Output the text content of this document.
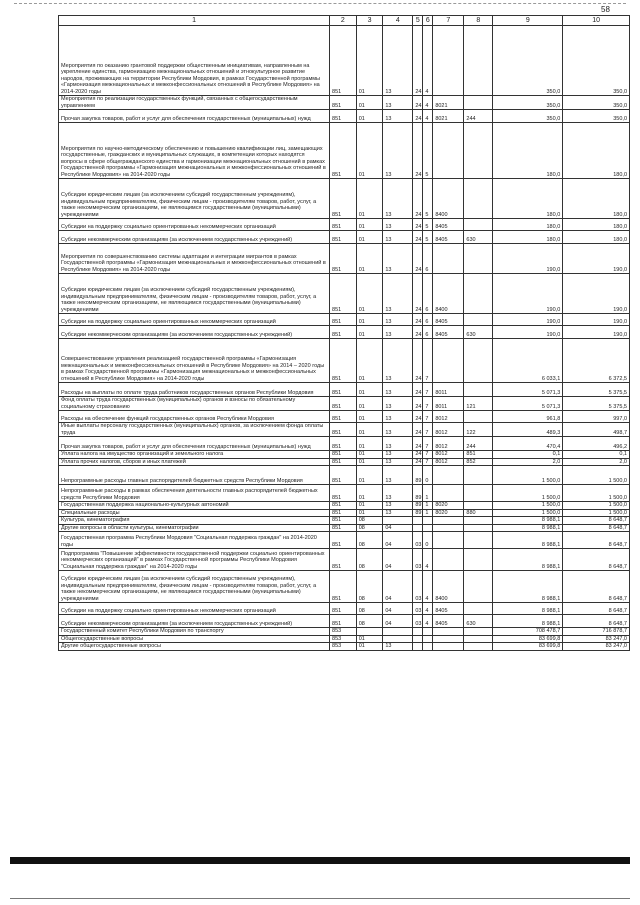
58
1	2	3	4	5	6	7	8	9	10
Мероприятия по оказанию грантовой поддержки общественным инициативам, направленным на укрепление единства, гармонизацию межнациональных отношений и этнокультурное развитие народов, проживающих на территории Республики Мордовия, в рамках Государственной программы «Гармонизация межнациональных и межконфессиональных отношений в Республике Мордовия» на 2014-2020 годы	851	01	13	24	4			350,0	350,0
Мероприятия по реализации государственных функций, связанных с общегосударственным управлением	851	01	13	24	4	8021		350,0	350,0
Прочая закупка товаров, работ и услуг для обеспечения государственных (муниципальных) нужд	851	01	13	24	4	8021	244	350,0	350,0
Мероприятия по научно-методическому обеспечению и повышению квалификации лиц, замещающих государственные, гражданских и муниципальных служащих, в компетенции которых находятся вопросы в сфере общегражданского единства и гармонизации межнациональных отношений в рамках Государственной программы «Гармонизация межнациональных и межконфессиональных отношений в Республике Мордовия» на 2014-2020 годы	851	01	13	24	5			180,0	180,0
Субсидии юридическим лицам (за исключением субсидий государственным учреждениям), индивидуальным предпринимателям, физическим лицам - производителям товаров, работ, услуг, а также некоммерческим организациям, не являющимся государственными (муниципальными) учреждениями	851	01	13	24	5	8400		180,0	180,0
Субсидии на поддержку социально ориентированных некоммерческих организаций	851	01	13	24	5	8405		180,0	180,0
Субсидии некоммерческим организациям (за исключением государственных учреждений)	851	01	13	24	5	8405	630	180,0	180,0
Мероприятия по совершенствованию системы адаптации и интеграции мигрантов в рамках Государственной программы «Гармонизация межнациональных и межконфессиональных отношений в Республике Мордовия» на 2014-2020 годы	851	01	13	24	6			190,0	190,0
Субсидии юридическим лицам (за исключением субсидий государственным учреждениям), индивидуальным предпринимателям, физическим лицам - производителям товаров, работ, услуг, а также некоммерческим организациям, не являющимся государственными (муниципальными) учреждениями	851	01	13	24	6	8400		190,0	190,0
Субсидии на поддержку социально ориентированных некоммерческих организаций	851	01	13	24	6	8405		190,0	190,0
Субсидии некоммерческим организациям (за исключением государственных учреждений)	851	01	13	24	6	8405	630	190,0	190,0
Совершенствование управления реализацией государственной программы «Гармонизация межнациональных и межконфессиональных отношений в Республике Мордовия» на 2014 – 2020 годы в рамках Государственной программы «Гармонизация межнациональных и межконфессиональных отношений в Республике Мордовия» на 2014-2020 годы	851	01	13	24	7			6 033,1	6 372,5
Расходы на выплаты по оплате труда работников государственных органов Республики Мордовия	851	01	13	24	7	8011		5 071,3	5 375,5
Фонд оплаты труда государственных (муниципальных) органов и взносы по обязательному социальному страхованию	851	01	13	24	7	8011	121	5 071,3	5 375,5
Расходы на обеспечение функций государственных органов Республики Мордовия	851	01	13	24	7	8012		961,8	997,0
Иные выплаты персоналу государственных (муниципальных) органов, за исключением фонда оплаты труда	851	01	13	24	7	8012	122	489,3	498,7
Прочая закупка товаров, работ и услуг для обеспечения государственных (муниципальных) нужд	851	01	13	24	7	8012	244	470,4	496,2
Уплата налога на имущество организаций и земельного налога	851	01	13	24	7	8012	851	0,1	0,1
Уплата прочих налогов, сборов и иных платежей	851	01	13	24	7	8012	852	2,0	2,0
Непрограммные расходы главных распорядителей бюджетных средств Республики Мордовия	851	01	13	89	0			1 500,0	1 500,0
Непрограммные расходы в рамках обеспечения деятельности главных распорядителей бюджетных средств Республики Мордовия	851	01	13	89	1			1 500,0	1 500,0
Государственная поддержка национально-культурных автономий	851	01	13	89	1	8020		1 500,0	1 500,0
Специальные расходы	851	01	13	89	1	8020	880	1 500,0	1 500,0
Культура, кинематография	851	08						8 988,1	8 648,7
Другие вопросы в области культуры, кинематографии	851	08	04					8 988,1	8 648,7
Государственная программа Республики Мордовия "Социальная поддержка граждан" на 2014-2020 годы	851	08	04	03	0			8 988,1	8 648,7
Подпрограмма "Повышение эффективности государственной поддержки социально ориентированных некоммерческих организаций" в рамках Государственной программы Республики Мордовия "Социальная поддержка граждан" на 2014-2020 годы	851	08	04	03	4			8 988,1	8 648,7
Субсидии юридическим лицам (за исключением субсидий государственным учреждениям), индивидуальным предпринимателям, физическим лицам - производителям товаров, работ, услуг, а также некоммерческим организациям, не являющимся государственными (муниципальными) учреждениями	851	08	04	03	4	8400		8 988,1	8 648,7
Субсидии на поддержку социально ориентированных некоммерческих организаций	851	08	04	03	4	8405		8 988,1	8 648,7
Субсидии некоммерческим организациям (за исключением государственных учреждений)	851	08	04	03	4	8405	630	8 988,1	8 648,7
Государственный комитет Республики Мордовия по транспорту	853							708 478,7	716 878,7
Общегосударственные вопросы	853	01						83 699,8	83 247,0
Другие общегосударственные вопросы	853	01	13					83 699,8	83 247,0
